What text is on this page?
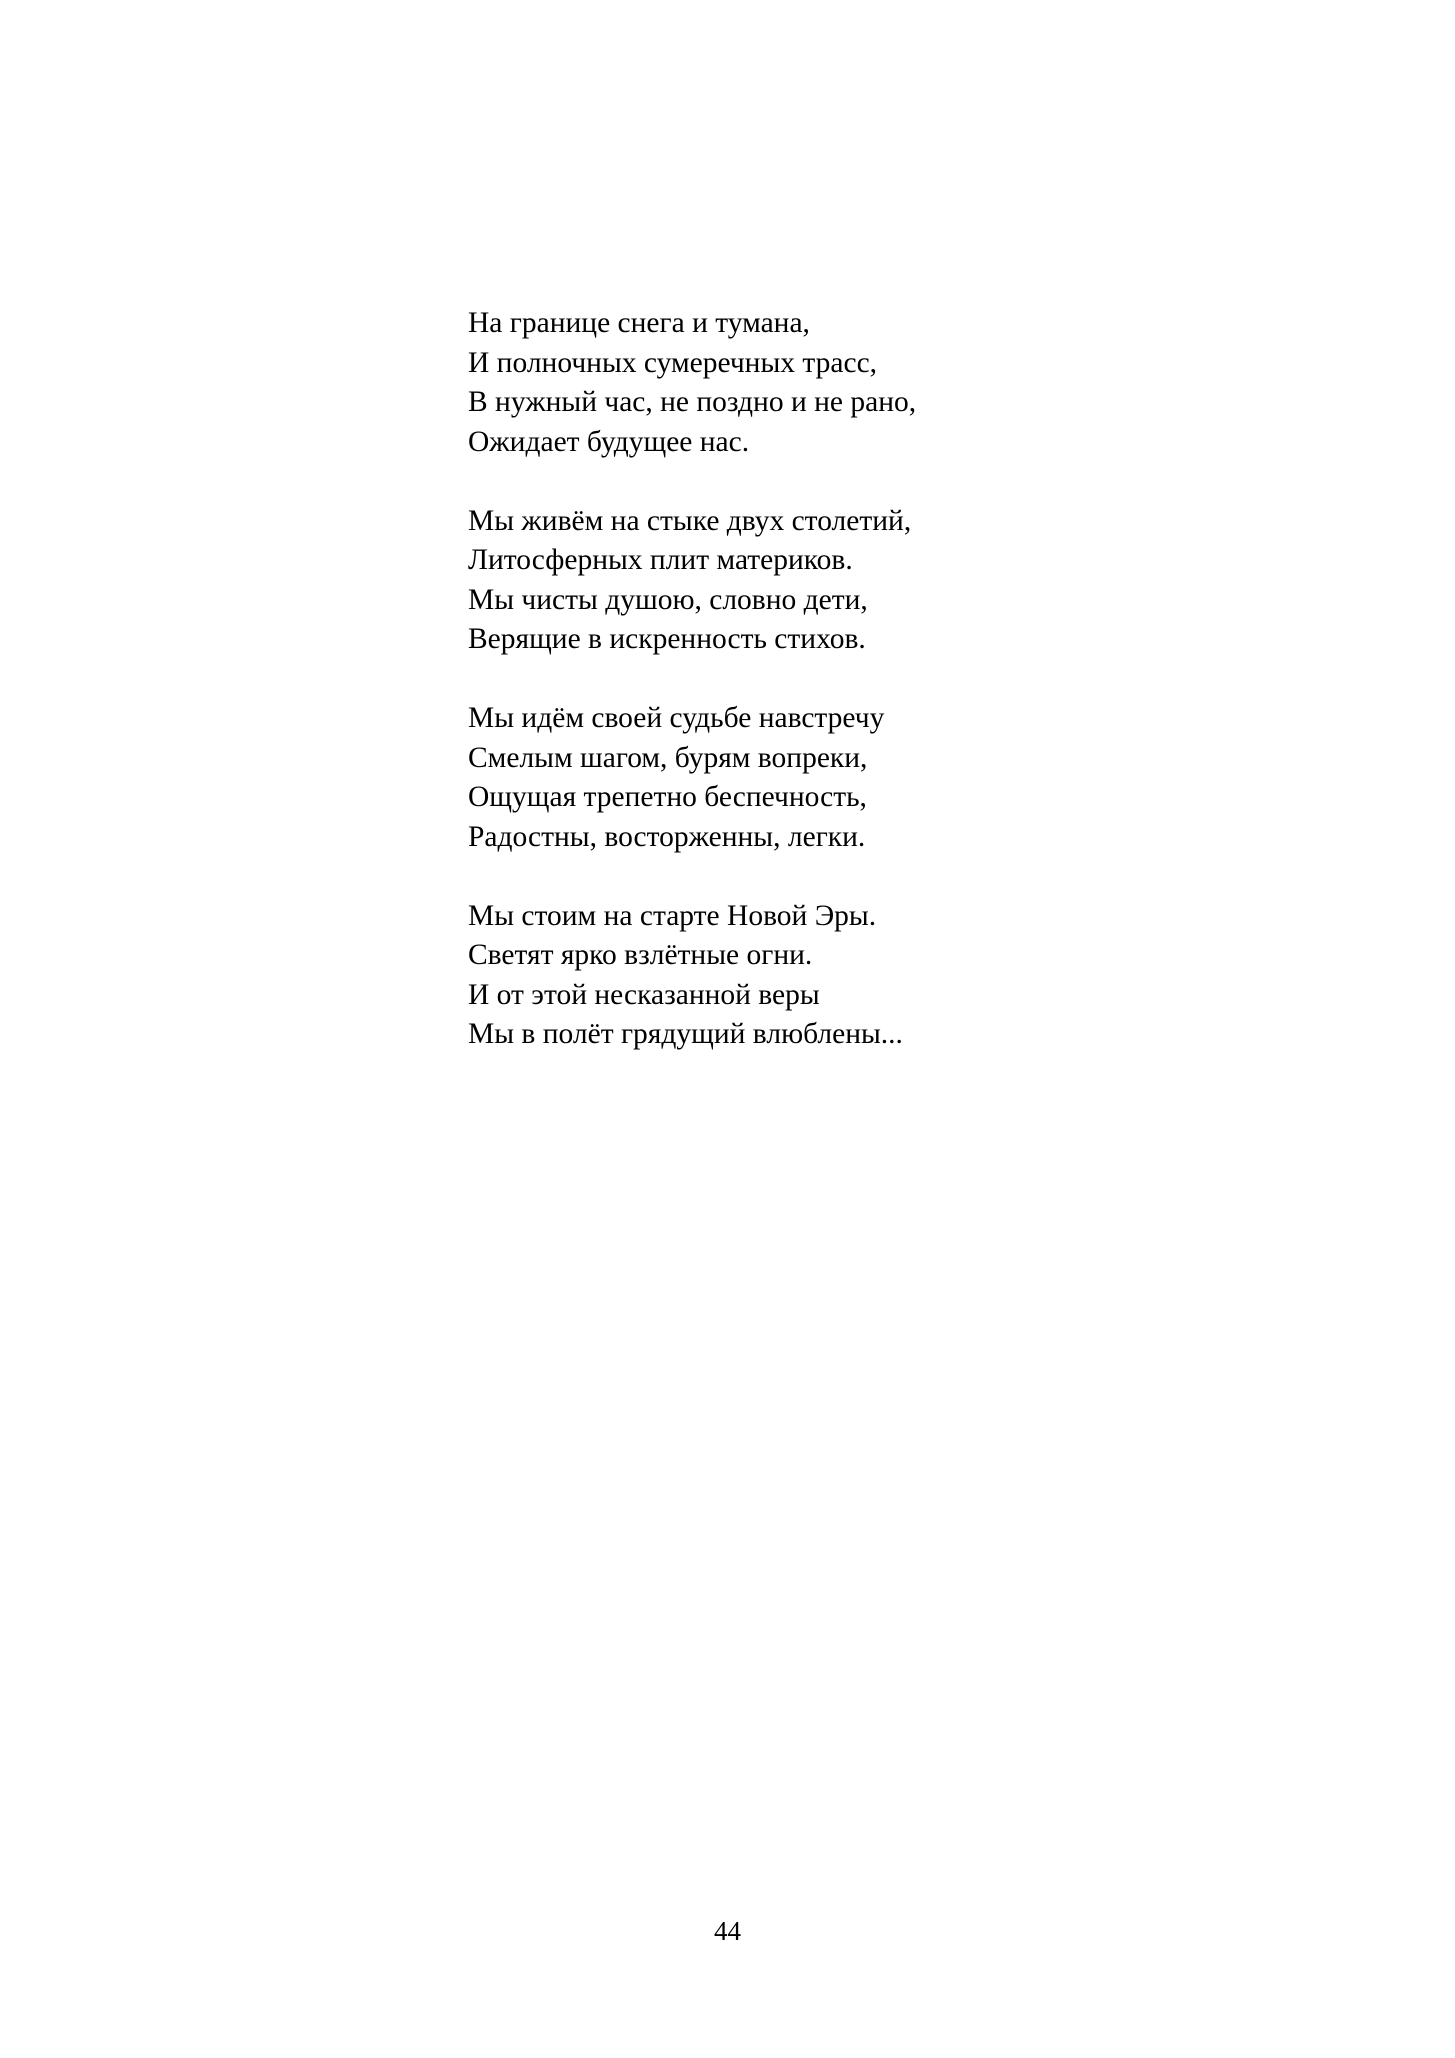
На границе снега и тумана,
И полночных сумеречных трасс,
В нужный час, не поздно и не рано,
Ожидает будущее нас.
Мы живём на стыке двух столетий,
Литосферных плит материков.
Мы чисты душою, словно дети,
Верящие в искренность стихов.
Мы идём своей судьбе навстречу
Смелым шагом, бурям вопреки,
Ощущая трепетно беспечность,
Радостны, восторженны, легки.
Мы стоим на старте Новой Эры.
Светят ярко взлётные огни.
И от этой несказанной веры
Мы в полёт грядущий влюблены...
44
